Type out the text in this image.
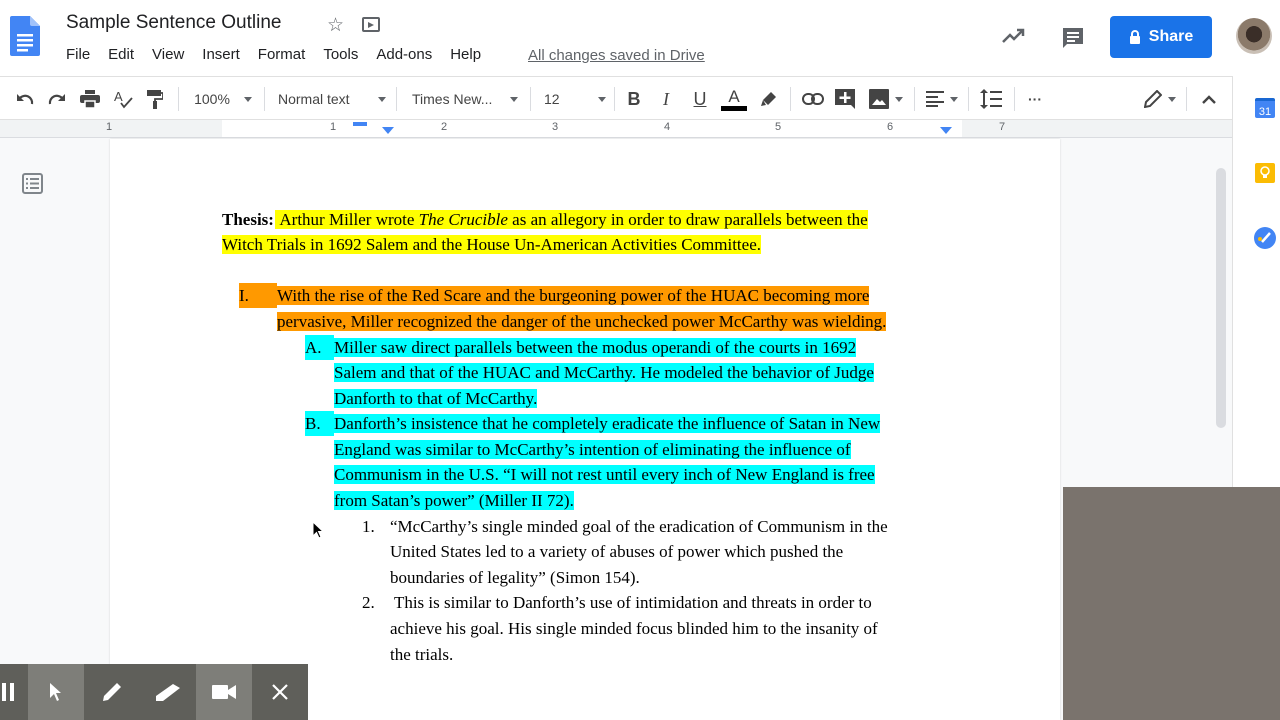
Sample Sentence Outline ☆
File Edit View Insert Format Tools Add-ons Help	All changes saved in Drive
Share
A	100%	Normal text	Times New...	12	B	I	U A	···
1	1	2	3	4	5	6	7
31
Thesis:  Arthur Miller wrote The Crucible as an allegory in order to draw parallels between the
Witch Trials in 1692 Salem and the House Un-American Activities Committee.
I.	With the rise of the Red Scare and the burgeoning power of the HUAC becoming more
pervasive, Miller recognized the danger of the unchecked power McCarthy was wielding.
A. Miller saw direct parallels between the modus operandi of the courts in 1692
Salem and that of the HUAC and McCarthy. He modeled the behavior of Judge
Danforth to that of McCarthy.
B. Danforth’s insistence that he completely eradicate the influence of Satan in New
England was similar to McCarthy’s intention of eliminating the influence of
Communism in the U.S. “I will not rest until every inch of New England is free
from Satan’s power” (Miller II 72).
1. “McCarthy’s single minded goal of the eradication of Communism in the
United States led to a variety of abuses of power which pushed the
boundaries of legality” (Simon 154).
2. This is similar to Danforth’s use of intimidation and threats in order to
achieve his goal. His single minded focus blinded him to the insanity of
the trials.
